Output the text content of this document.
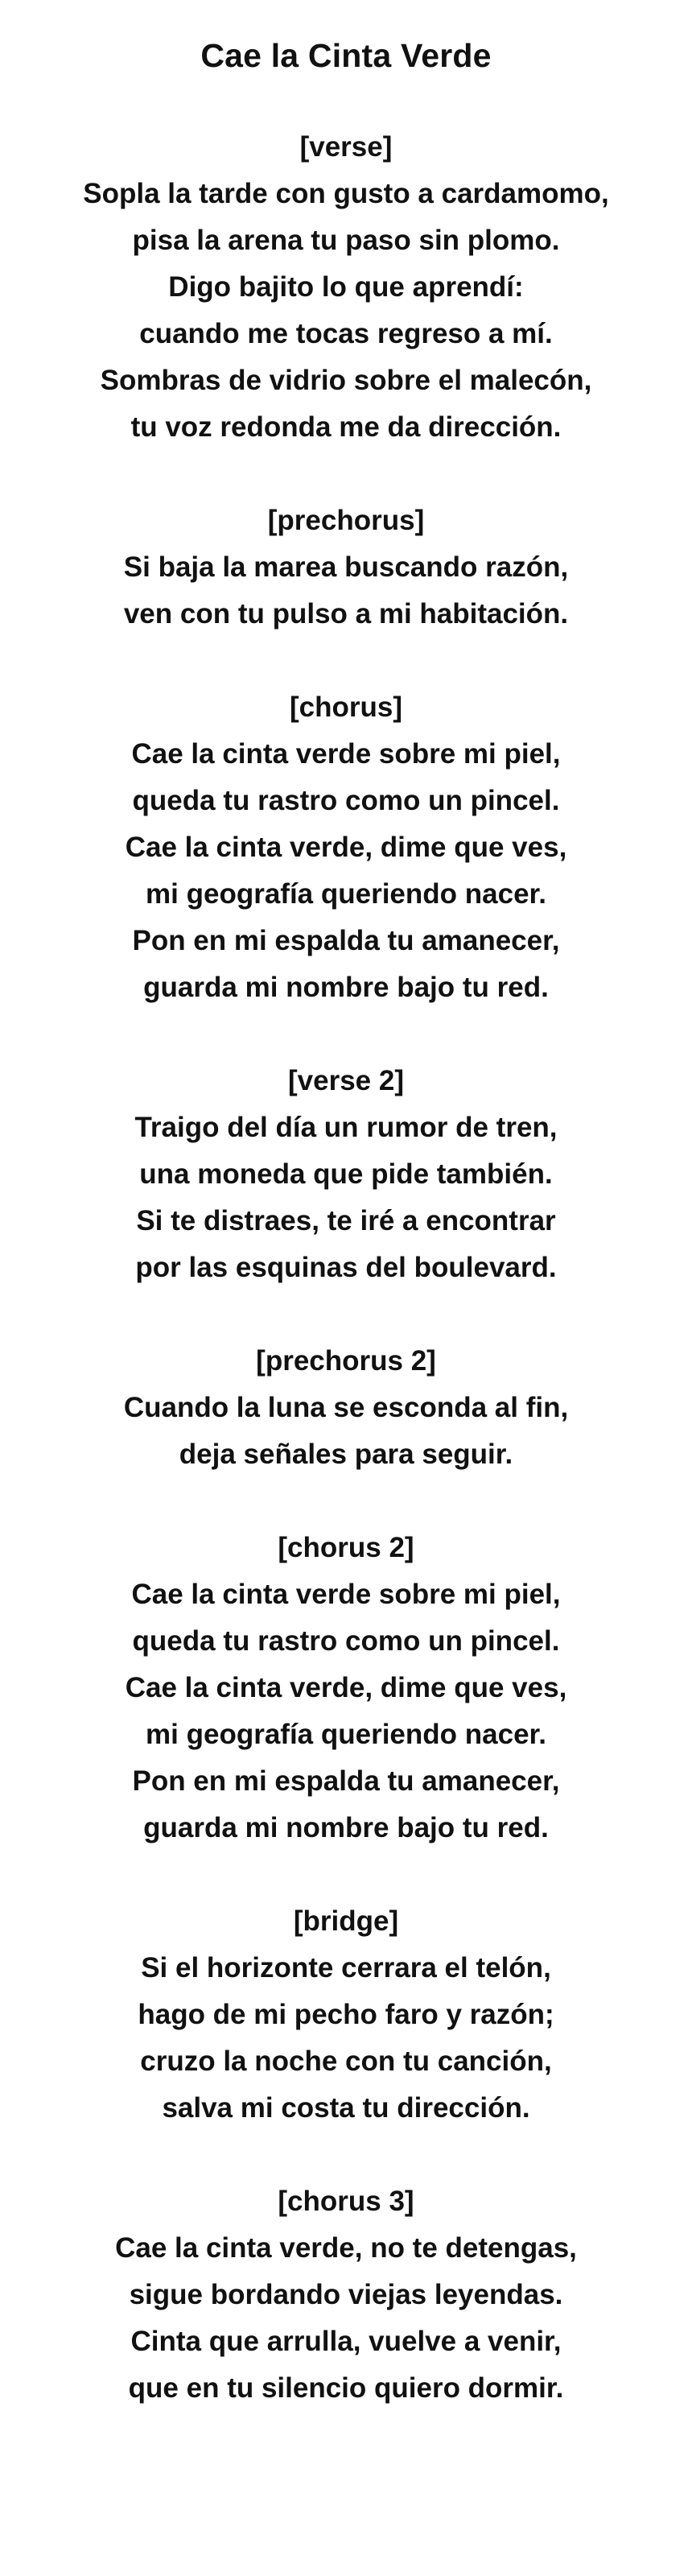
Cae la Cinta Verde
[verse]
Sopla la tarde con gusto a cardamomo,
pisa la arena tu paso sin plomo.
Digo bajito lo que aprendí:
cuando me tocas regreso a mí.
Sombras de vidrio sobre el malecón,
tu voz redonda me da dirección.
[prechorus]
Si baja la marea buscando razón,
ven con tu pulso a mi habitación.
[chorus]
Cae la cinta verde sobre mi piel,
queda tu rastro como un pincel.
Cae la cinta verde, dime que ves,
mi geografía queriendo nacer.
Pon en mi espalda tu amanecer,
guarda mi nombre bajo tu red.
[verse 2]
Traigo del día un rumor de tren,
una moneda que pide también.
Si te distraes, te iré a encontrar
por las esquinas del boulevard.
[prechorus 2]
Cuando la luna se esconda al fin,
deja señales para seguir.
[chorus 2]
Cae la cinta verde sobre mi piel,
queda tu rastro como un pincel.
Cae la cinta verde, dime que ves,
mi geografía queriendo nacer.
Pon en mi espalda tu amanecer,
guarda mi nombre bajo tu red.
[bridge]
Si el horizonte cerrara el telón,
hago de mi pecho faro y razón;
cruzo la noche con tu canción,
salva mi costa tu dirección.
[chorus 3]
Cae la cinta verde, no te detengas,
sigue bordando viejas leyendas.
Cinta que arrulla, vuelve a venir,
que en tu silencio quiero dormir.
